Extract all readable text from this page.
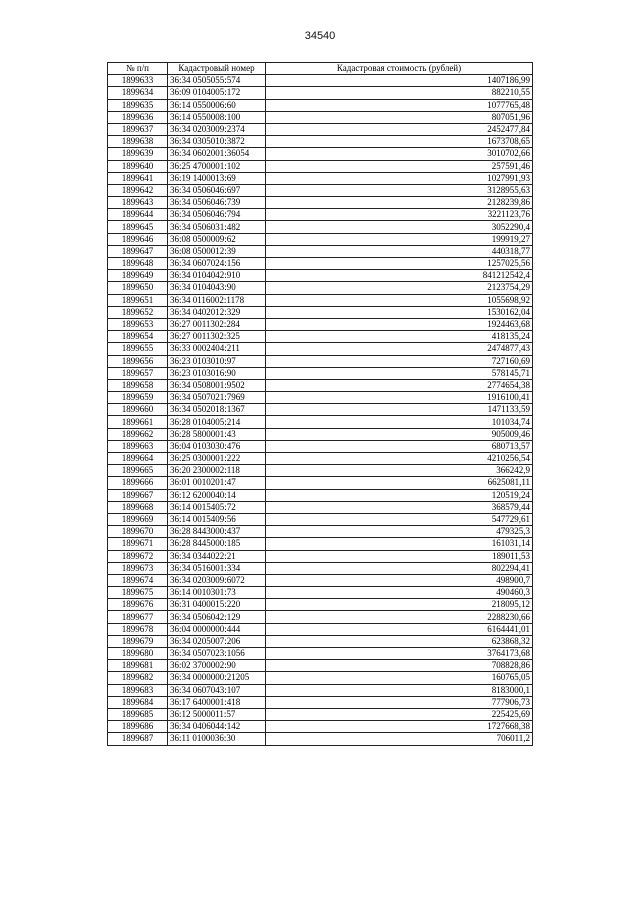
34540
№ п/п	Кадастровый номер	Кадастровая стоимость (рублей)
1899633	36:34 0505055:574	1407186,99
1899634	36:09 0104005:172	882210,55
1899635	36:14 0550006:60	1077765,48
1899636	36:14 0550008:100	807051,96
1899637	36:34 0203009:2374	2452477,84
1899638	36:34 0305010:3872	1673708,65
1899639	36:34 0602001:36054	3010702,66
1899640	36:25 4700001:102	257591,46
1899641	36:19 1400013:69	1027991,93
1899642	36:34 0506046:697	3128955,63
1899643	36:34 0506046:739	2128239,86
1899644	36:34 0506046:794	3221123,76
1899645	36:34 0506031:482	3052290,4
1899646	36:08 0500009:62	199919,27
1899647	36:08 0500012:39	440318,77
1899648	36:34 0607024:156	1257025,56
1899649	36:34 0104042:910	841212542,4
1899650	36:34 0104043:90	2123754,29
1899651	36:34 0116002:1178	1055698,92
1899652	36:34 0402012:329	1530162,04
1899653	36:27 0011302:284	1924463,68
1899654	36:27 0011302:325	418135,24
1899655	36:33 0002404:211	2474877,43
1899656	36:23 0103010:97	727160,69
1899657	36:23 0103016:90	578145,71
1899658	36:34 0508001:9502	2774654,38
1899659	36:34 0507021:7969	1916100,41
1899660	36:34 0502018:1367	1471133,59
1899661	36:28 0104005:214	101034,74
1899662	36:28 5800001:43	905009,46
1899663	36:04 0103030:476	680713,57
1899664	36:25 0300001:222	4210256,54
1899665	36:20 2300002:118	366242,9
1899666	36:01 0010201:47	6625081,11
1899667	36:12 6200040:14	120519,24
1899668	36:14 0015405:72	368579,44
1899669	36:14 0015409:56	547729,61
1899670	36:28 8443000:437	479325,3
1899671	36:28 8445000:185	161031,14
1899672	36:34 0344022:21	189011,53
1899673	36:34 0516001:334	802294,41
1899674	36:34 0203009:6072	498900,7
1899675	36:14 0010301:73	490460,3
1899676	36:31 0400015:220	218095,12
1899677	36:34 0506042:129	2288230,66
1899678	36:04 0000000:444	6164441,01
1899679	36:34 0205007:206	623868,32
1899680	36:34 0507023:1056	3764173,68
1899681	36:02 3700002:90	708828,86
1899682	36:34 0000000:21205	160765,05
1899683	36:34 0607043:107	8183000,1
1899684	36:17 6400001:418	777906,73
1899685	36:12 5000011:57	225425,69
1899686	36:34 0406044:142	1727668,38
1899687	36:11 0100036:30	706011,2
